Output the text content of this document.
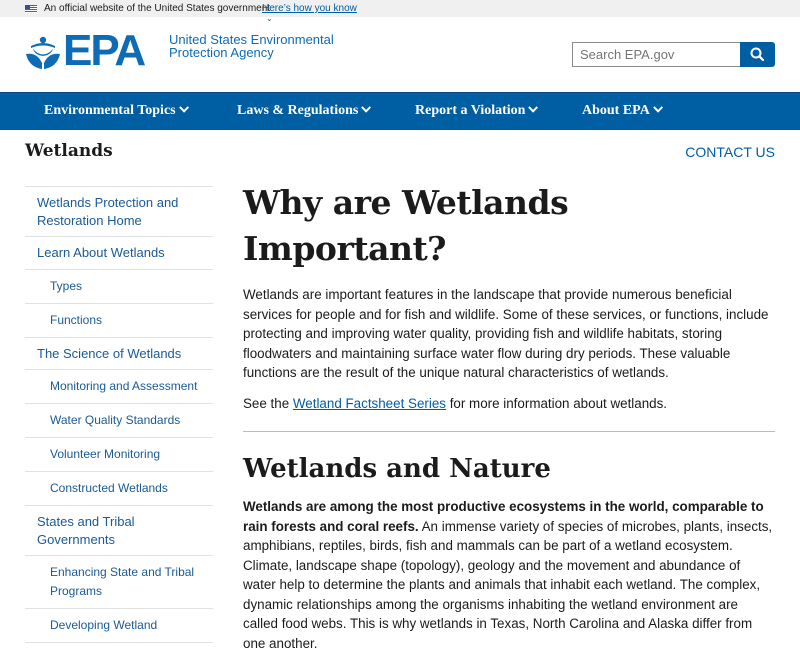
An official website of the United States government
Here’s how you know
⌄
EPA United States Environmental Protection Agency
Search EPA.gov
Environmental Topics	Laws & Regulations	Report a Violation	About EPA
Wetlands	CONTACT US
Wetlands Protection and Restoration Home
Learn About Wetlands
Types
Functions
The Science of Wetlands
Monitoring and Assessment
Water Quality Standards
Volunteer Monitoring
Constructed Wetlands
States and Tribal Governments
Enhancing State and Tribal Programs
Developing Wetland
Why are Wetlands Important?

Wetlands are important features in the landscape that provide numerous beneficial services for people and for fish and wildlife. Some of these services, or functions, include protecting and improving water quality, providing fish and wildlife habitats, storing floodwaters and maintaining surface water flow during dry periods. These valuable functions are the result of the unique natural characteristics of wetlands.

See the Wetland Factsheet Series for more information about wetlands.

Wetlands and Nature

Wetlands are among the most productive ecosystems in the world, comparable to rain forests and coral reefs. An immense variety of species of microbes, plants, insects, amphibians, reptiles, birds, fish and mammals can be part of a wetland ecosystem. Climate, landscape shape (topology), geology and the movement and abundance of water help to determine the plants and animals that inhabit each wetland. The complex, dynamic relationships among the organisms inhabiting the wetland environment are called food webs. This is why wetlands in Texas, North Carolina and Alaska differ from one another.
